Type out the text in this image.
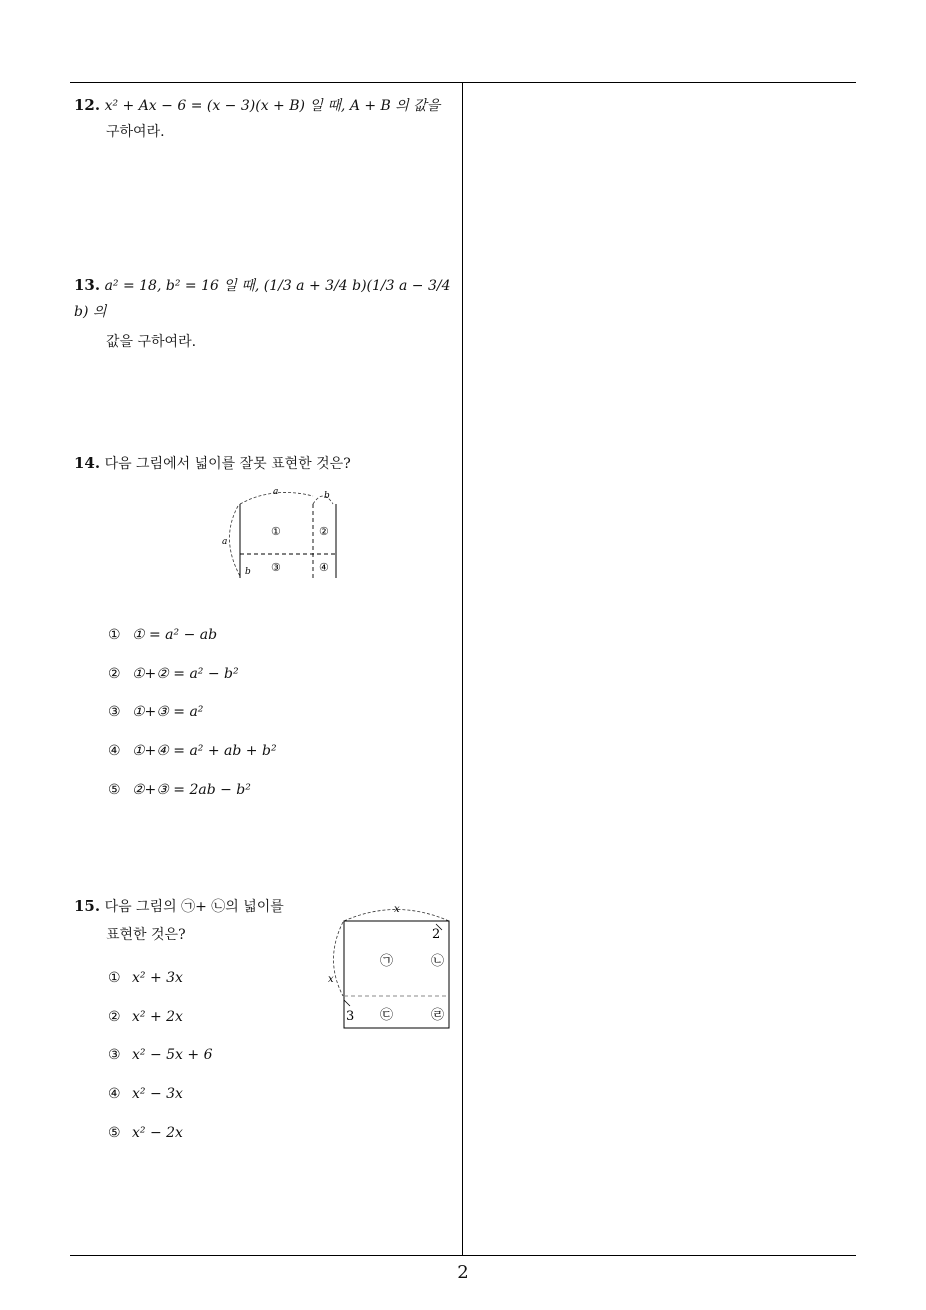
12. x² + Ax − 6 = (x − 3)(x + B) 일 때, A + B 의 값을
구하여라.
13. a² = 18, b² = 16 일 때, (1/3 a + 3/4 b)(1/3 a − 3/4 b) 의
값을 구하여라.
14. 다음 그림에서 넓이를 잘못 표현한 것은?
a	b
a
b
①	②
③	④
① ① = a² − ab
② ①+② = a² − b²
③ ①+③ = a²
④ ①+④ = a² + ab + b²
⑤ ②+③ = 2ab − b²
15. 다음 그림의 ㉠+ ㉡의 넓이를
표현한 것은?
x
x
2
3
㉠	㉡
㉢	㉣
① x² + 3x
② x² + 2x
③ x² − 5x + 6
④ x² − 3x
⑤ x² − 2x
2
